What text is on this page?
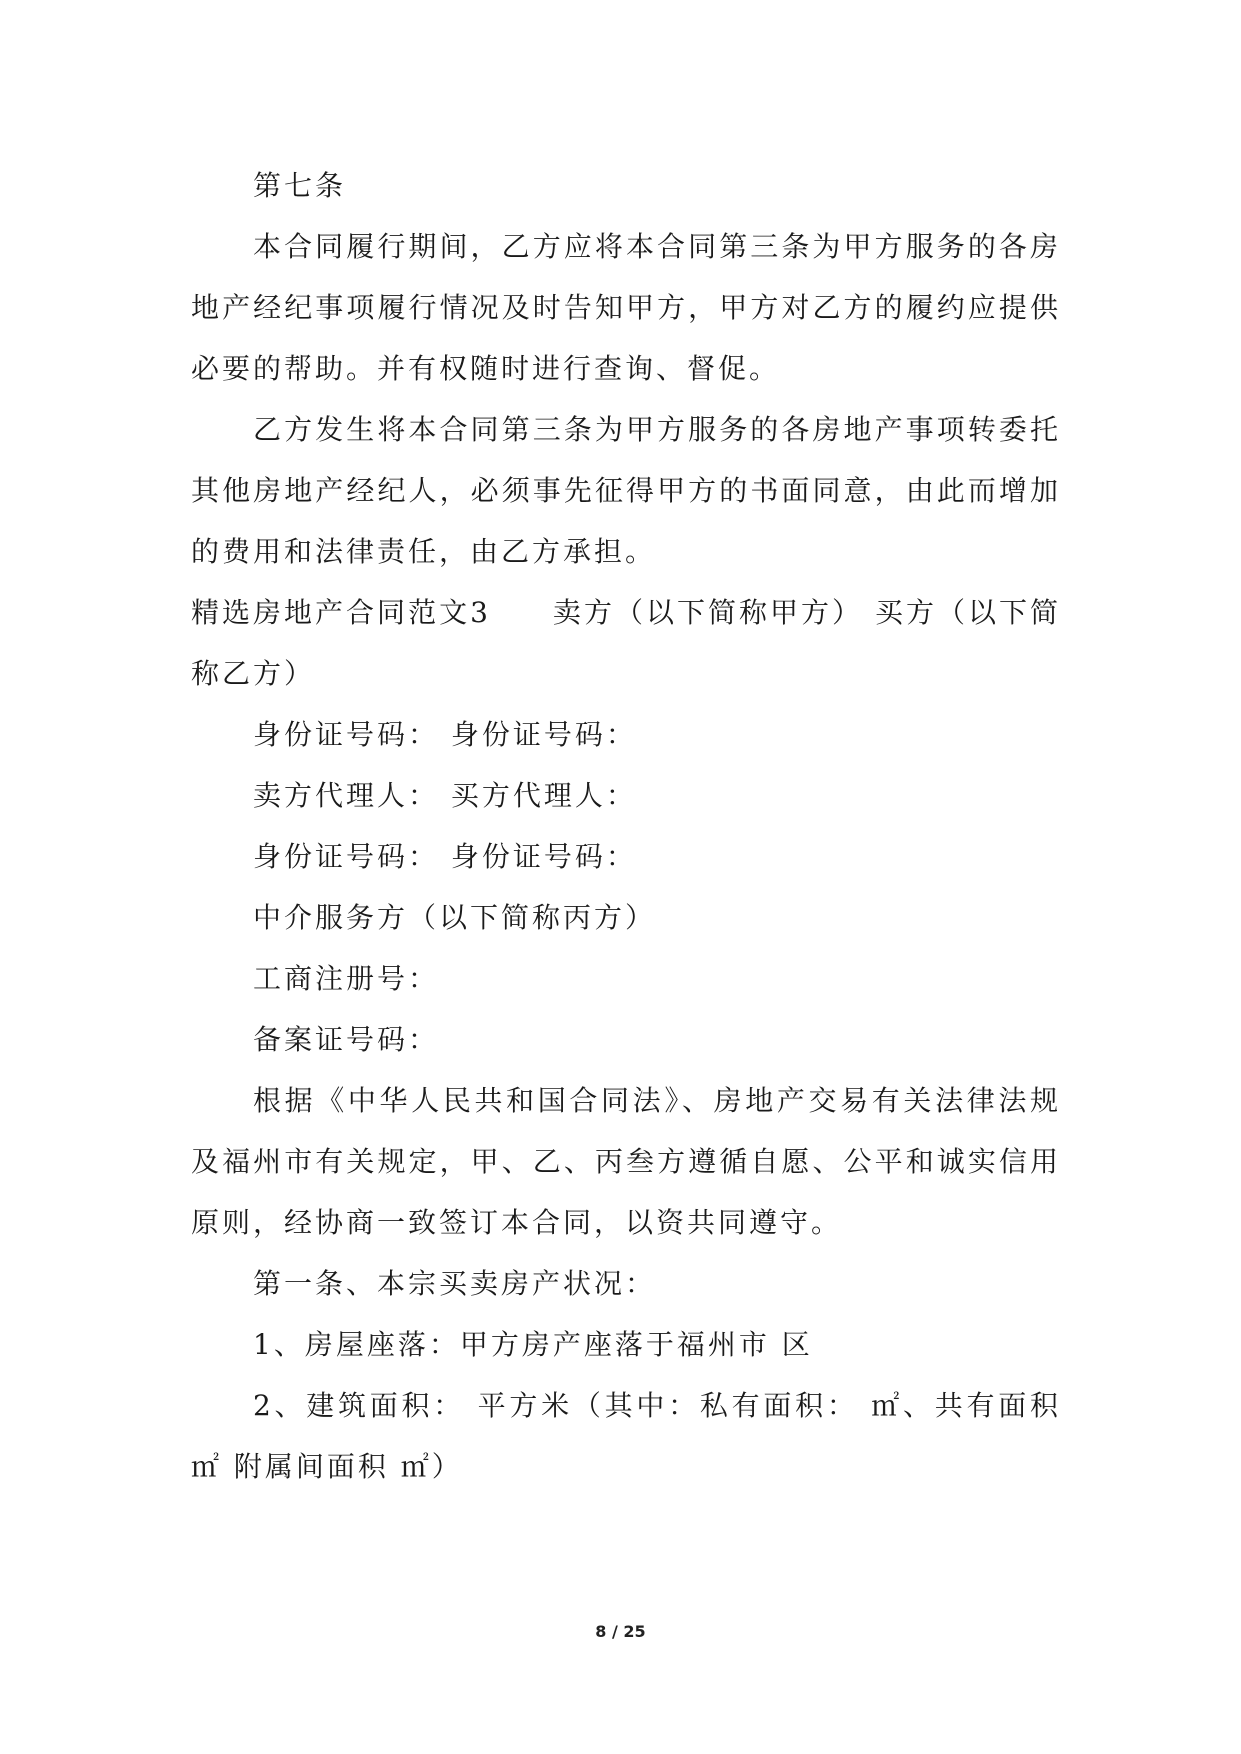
第七条

本合同履行期间，乙方应将本合同第三条为甲方服务的各房地产经纪事项履行情况及时告知甲方，甲方对乙方的履约应提供必要的帮助。并有权随时进行查询、督促。

乙方发生将本合同第三条为甲方服务的各房地产事项转委托其他房地产经纪人，必须事先征得甲方的书面同意，由此而增加的费用和法律责任，由乙方承担。

精选房地产合同范文3 卖方（以下简称甲方） 买方（以下简称乙方）

身份证号码： 身份证号码：

卖方代理人： 买方代理人：

身份证号码： 身份证号码：

中介服务方（以下简称丙方）

工商注册号：

备案证号码：

根据《中华人民共和国合同法》、房地产交易有关法律法规及福州市有关规定，甲、乙、丙叁方遵循自愿、公平和诚实信用原则，经协商一致签订本合同，以资共同遵守。

第一条、本宗买卖房产状况：

1、房屋座落：甲方房产座落于福州市 区

2、建筑面积： 平方米（其中：私有面积： ㎡、共有面积 ㎡ 附属间面积 ㎡）

8 / 25
